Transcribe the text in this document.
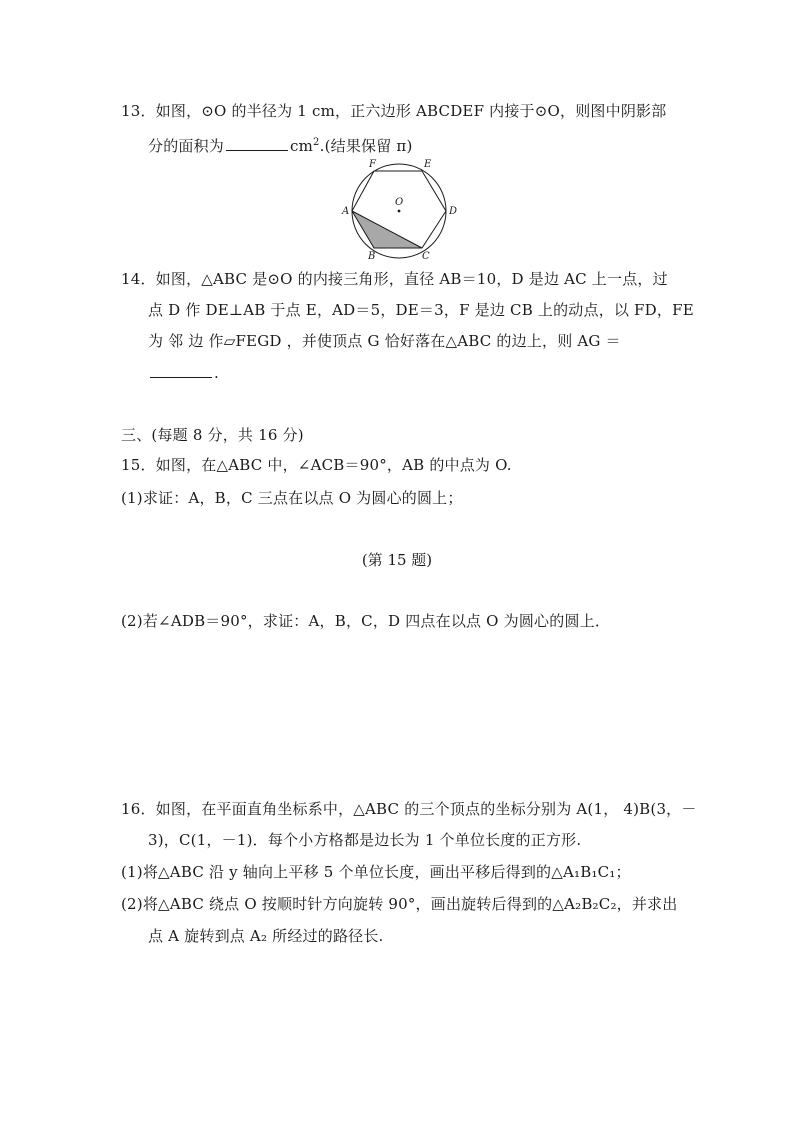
13．如图，⊙O 的半径为 1 cm，正六边形 ABCDEF 内接于⊙O，则图中阴影部
分的面积为	$cm^2$.(结果保留 π)
F	E
A
O
D
B	C
14．如图，△ABC 是⊙O 的内接三角形，直径 AB＝10，D 是边 AC 上一点，过
点 D 作 DE⊥AB 于点 E，AD＝5，DE＝3，F 是边 CB 上的动点，以 FD，FE
为 邻 边 作▱FEGD ，并使顶点 G 恰好落在△ABC 的边上，则 AG ＝
.
三、(每题 8 分，共 16 分)
15．如图，在△ABC 中，∠ACB＝90°，AB 的中点为 O.
(1)求证：A，B，C 三点在以点 O 为圆心的圆上；
(第 15 题)
(2)若∠ADB＝90°，求证：A，B，C，D 四点在以点 O 为圆心的圆上．
16．如图，在平面直角坐标系中，△ABC 的三个顶点的坐标分别为 A(1， 4)B(3，－
3)，C(1，－1)．每个小方格都是边长为 1 个单位长度的正方形.
(1)将△ABC 沿 y 轴向上平移 5 个单位长度，画出平移后得到的△A₁B₁C₁；
(2)将△ABC 绕点 O 按顺时针方向旋转 90°，画出旋转后得到的△A₂B₂C₂，并求出
点 A 旋转到点 A₂ 所经过的路径长.
